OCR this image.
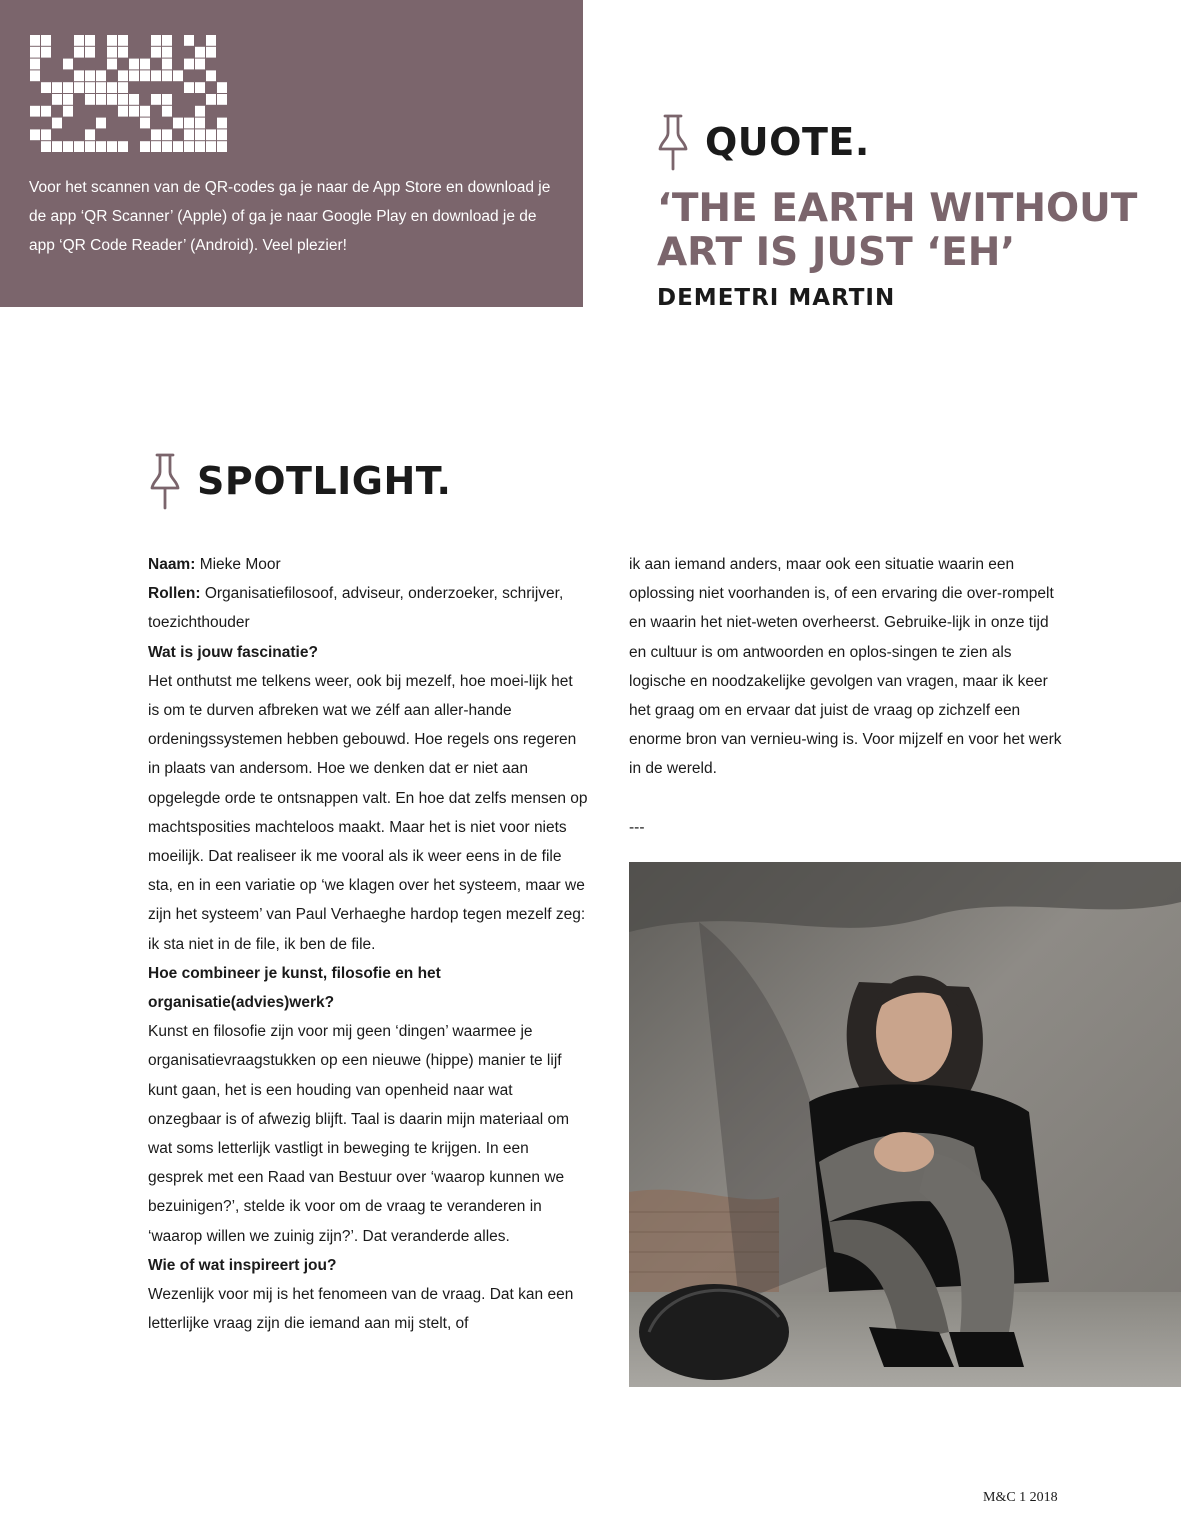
Voor het scannen van de QR-codes ga je naar de App Store en download je de app ‘QR Scanner’ (Apple) of ga je naar Google Play en download je de app ‘QR Code Reader’ (Android). Veel plezier!

QUOTE.

‘THE EARTH WITHOUT ART IS JUST ‘EH’

DEMETRI MARTIN

SPOTLIGHT.

Naam: Mieke Moor

Rollen: Organisatiefilosoof, adviseur, onderzoeker, schrijver, toezichthouder

Wat is jouw fascinatie?

Het onthutst me telkens weer, ook bij mezelf, hoe moei-lijk het is om te durven afbreken wat we zélf aan aller-hande ordeningssystemen hebben gebouwd. Hoe regels ons regeren in plaats van andersom. Hoe we denken dat er niet aan opgelegde orde te ontsnappen valt. En hoe dat zelfs mensen op machtsposities machteloos maakt. Maar het is niet voor niets moeilijk. Dat realiseer ik me vooral als ik weer eens in de file sta, en in een variatie op ‘we klagen over het systeem, maar we zijn het systeem’ van Paul Verhaeghe hardop tegen mezelf zeg: ik sta niet in de file, ik ben de file.

Hoe combineer je kunst, filosofie en het organisatie(advies)werk?

Kunst en filosofie zijn voor mij geen ‘dingen’ waarmee je organisatievraagstukken op een nieuwe (hippe) manier te lijf kunt gaan, het is een houding van openheid naar wat onzegbaar is of afwezig blijft. Taal is daarin mijn materiaal om wat soms letterlijk vastligt in beweging te krijgen. In een gesprek met een Raad van Bestuur over ‘waarop kunnen we bezuinigen?’, stelde ik voor om de vraag te veranderen in ‘waarop willen we zuinig zijn?’. Dat veranderde alles.

Wie of wat inspireert jou?

Wezenlijk voor mij is het fenomeen van de vraag. Dat kan een letterlijke vraag zijn die iemand aan mij stelt, of

ik aan iemand anders, maar ook een situatie waarin een oplossing niet voorhanden is, of een ervaring die over-rompelt en waarin het niet-weten overheerst. Gebruike-lijk in onze tijd en cultuur is om antwoorden en oplos-singen te zien als logische en noodzakelijke gevolgen van vragen, maar ik keer het graag om en ervaar dat juist de vraag op zichzelf een enorme bron van vernieu-wing is. Voor mijzelf en voor het werk in de wereld.

---

M&C 1 2018
